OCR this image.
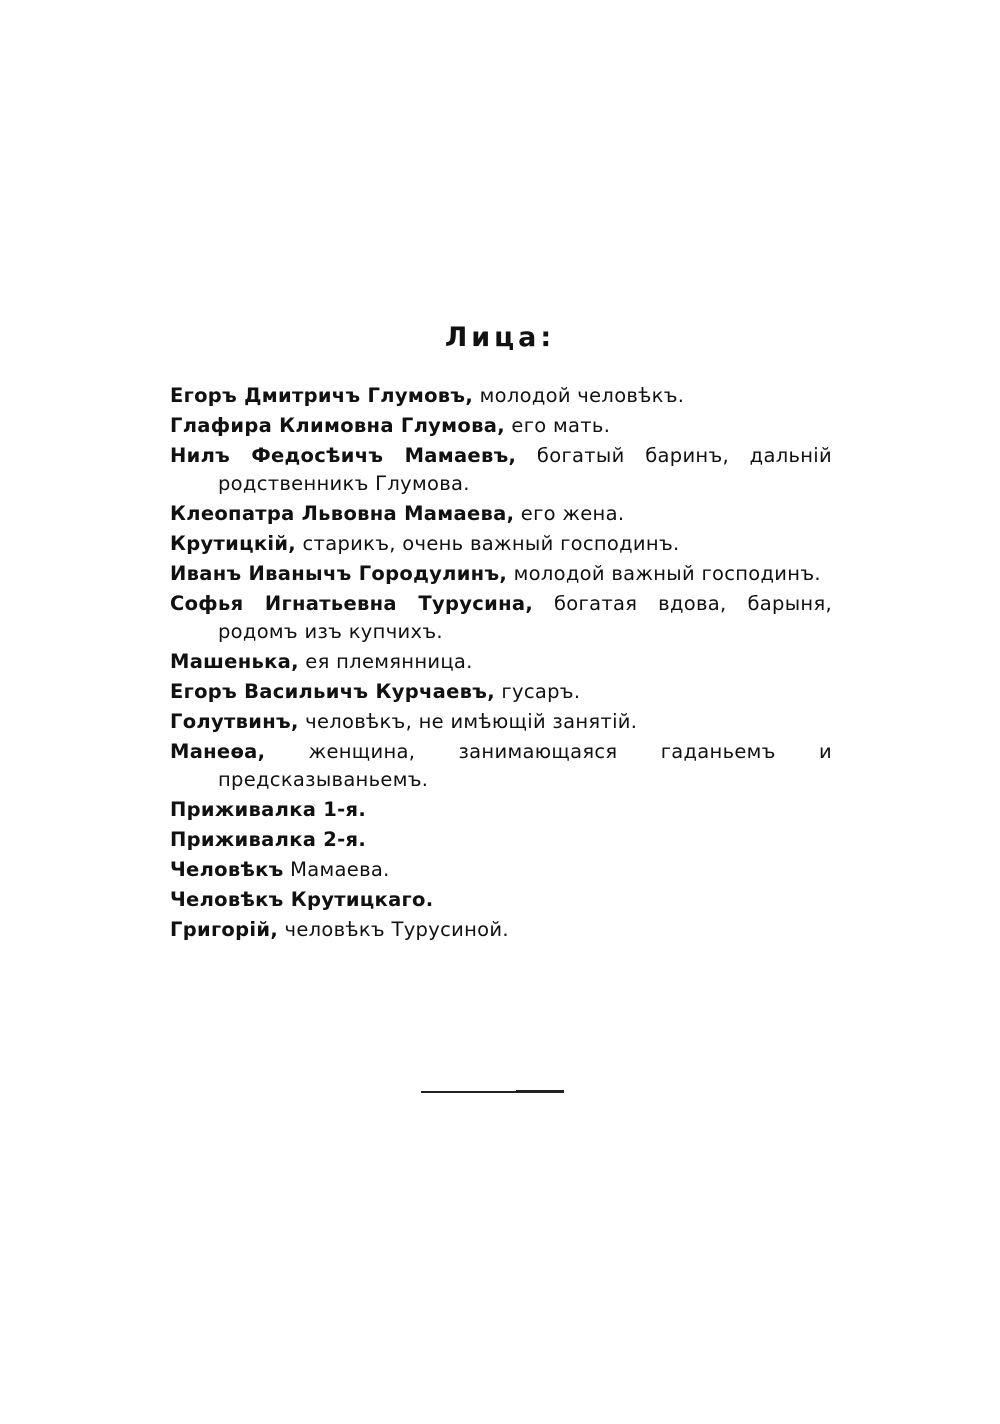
Лица:
Егоръ Дмитричъ Глумовъ, молодой человѣкъ.
Глафира Климовна Глумова, его мать.
Нилъ Федосѣичъ Мамаевъ, богатый баринъ, дальнiй родственникъ Глумова.
Клеопатра Львовна Мамаева, его жена.
Крутицкiй, старикъ, очень важный господинъ.
Иванъ Иванычъ Городулинъ, молодой важный господинъ.
Софья Игнатьевна Турусина, богатая вдова, барыня, родомъ изъ купчихъ.
Машенька, ея племянница.
Егоръ Васильичъ Курчаевъ, гусаръ.
Голутвинъ, человѣкъ, не имѣющiй занятiй.
Манеѳа, женщина, занимающаяся гаданьемъ и предсказываньемъ.
Приживалка 1-я.
Приживалка 2-я.
Человѣкъ Мамаева.
Человѣкъ Крутицкаго.
Григорiй, человѣкъ Турусиной.
